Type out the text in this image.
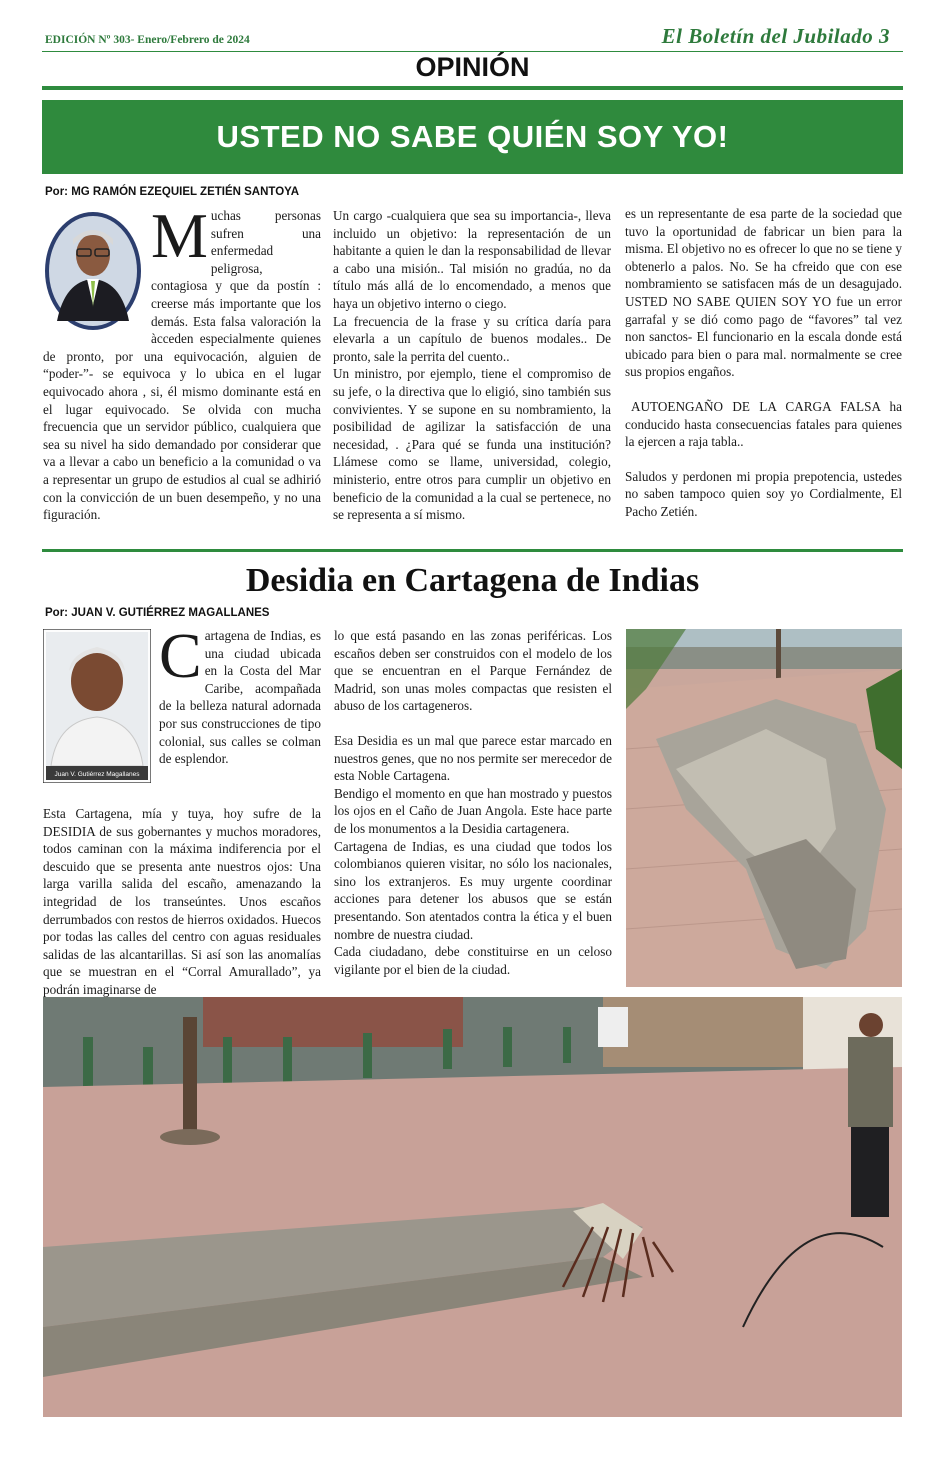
EDICIÓN Nº 303- Enero/Febrero de 2024	El Boletín del Jubilado 3
OPINIÓN
USTED NO SABE QUIÉN SOY YO!
Por: MG RAMÓN EZEQUIEL ZETIÉN SANTOYA
M uchas personas sufren una enfermedad peligrosa, contagiosa y que da postín : creerse más importante que los demás. Esta falsa valoración la àcceden especialmente quienes de pronto, por una equivocación, alguien de “poder-”- se equivoca y lo ubica en el lugar equivocado ahora , si, él mismo dominante está en el lugar equivocado. Se olvida con mucha frecuencia que un servidor público, cualquiera que sea su nivel ha sido demandado por considerar que va a llevar a cabo un beneficio a la comunidad o va a representar un grupo de estudios al cual se adhirió con la convicción de un buen desempeño, y no una figuración.

Un cargo -cualquiera que sea su importancia-, lleva incluido un objetivo: la representación de un habitante a quien le dan la responsabilidad de llevar a cabo una misión.. Tal misión no gradúa, no da título más allá de lo encomendado, a menos que haya un objetivo interno o ciego.

La frecuencia de la frase y su crítica daría para elevarla a un capítulo de buenos modales.. De pronto, sale la perrita del cuento..

Un ministro, por ejemplo, tiene el compromiso de su jefe, o la directiva que lo eligió, sino también sus convivientes. Y se supone en su nombramiento, la posibilidad de agilizar la satisfacción de una necesidad, . ¿Para qué se funda una institución? Llámese como se llame, universidad, colegio, ministerio, entre otros para cumplir un objetivo en beneficio de la comunidad a la cual se pertenece, no se representa a sí mismo.

es un representante de esa parte de la sociedad que tuvo la oportunidad de fabricar un bien para la misma. El objetivo no es ofrecer lo que no se tiene y obtenerlo a palos. No. Se ha cfreido que con ese nombramiento se satisfacen más de un desagujado. USTED NO SABE QUIEN SOY YO fue un error garrafal y se dió como pago de “favores” tal vez non sanctos- El funcionario en la escala donde está ubicado para bien o para mal. normalmente se cree sus propios engaños.

AUTOENGAÑO DE LA CARGA FALSA ha conducido hasta consecuencias fatales para quienes la ejercen a raja tabla..

Saludos y perdonen mi propia prepotencia, ustedes no saben tampoco quien soy yo Cordialmente, El Pacho Zetién.

Desidia en Cartagena de Indias
Por: JUAN V. GUTIÉRREZ MAGALLANES
Juan V. Gutiérrez Magallanes
C artagena de Indias, es una ciudad ubicada en la Costa del Mar Caribe, acompañada de la belleza natural adornada por sus construcciones de tipo colonial, sus calles se colman de esplendor.

Esta Cartagena, mía y tuya, hoy sufre de la DESIDIA de sus gobernantes y muchos moradores, todos caminan con la máxima indiferencia por el descuido que se presenta ante nuestros ojos: Una larga varilla salida del escaño, amenazando la integridad de los transeúntes. Unos escaños derrumbados con restos de hierros oxidados. Huecos por todas las calles del centro con aguas residuales salidas de las alcantarillas. Si así son las anomalías que se muestran en el “Corral Amurallado”, ya podrán imaginarse de

lo que está pasando en las zonas periféricas. Los escaños deben ser construidos con el modelo de los que se encuentran en el Parque Fernández de Madrid, son unas moles compactas que resisten el abuso de los cartageneros.

Esa Desidia es un mal que parece estar marcado en nuestros genes, que no nos permite ser merecedor de esta Noble Cartagena.

Bendigo el momento en que han mostrado y puestos los ojos en el Caño de Juan Angola. Este hace parte de los monumentos a la Desidia cartagenera.

Cartagena de Indias, es una ciudad que todos los colombianos quieren visitar, no sólo los nacionales, sino los extranjeros. Es muy urgente coordinar acciones para detener los abusos que se están presentando. Son atentados contra la ética y el buen nombre de nuestra ciudad.

Cada ciudadano, debe constituirse en un celoso vigilante por el bien de la ciudad.
